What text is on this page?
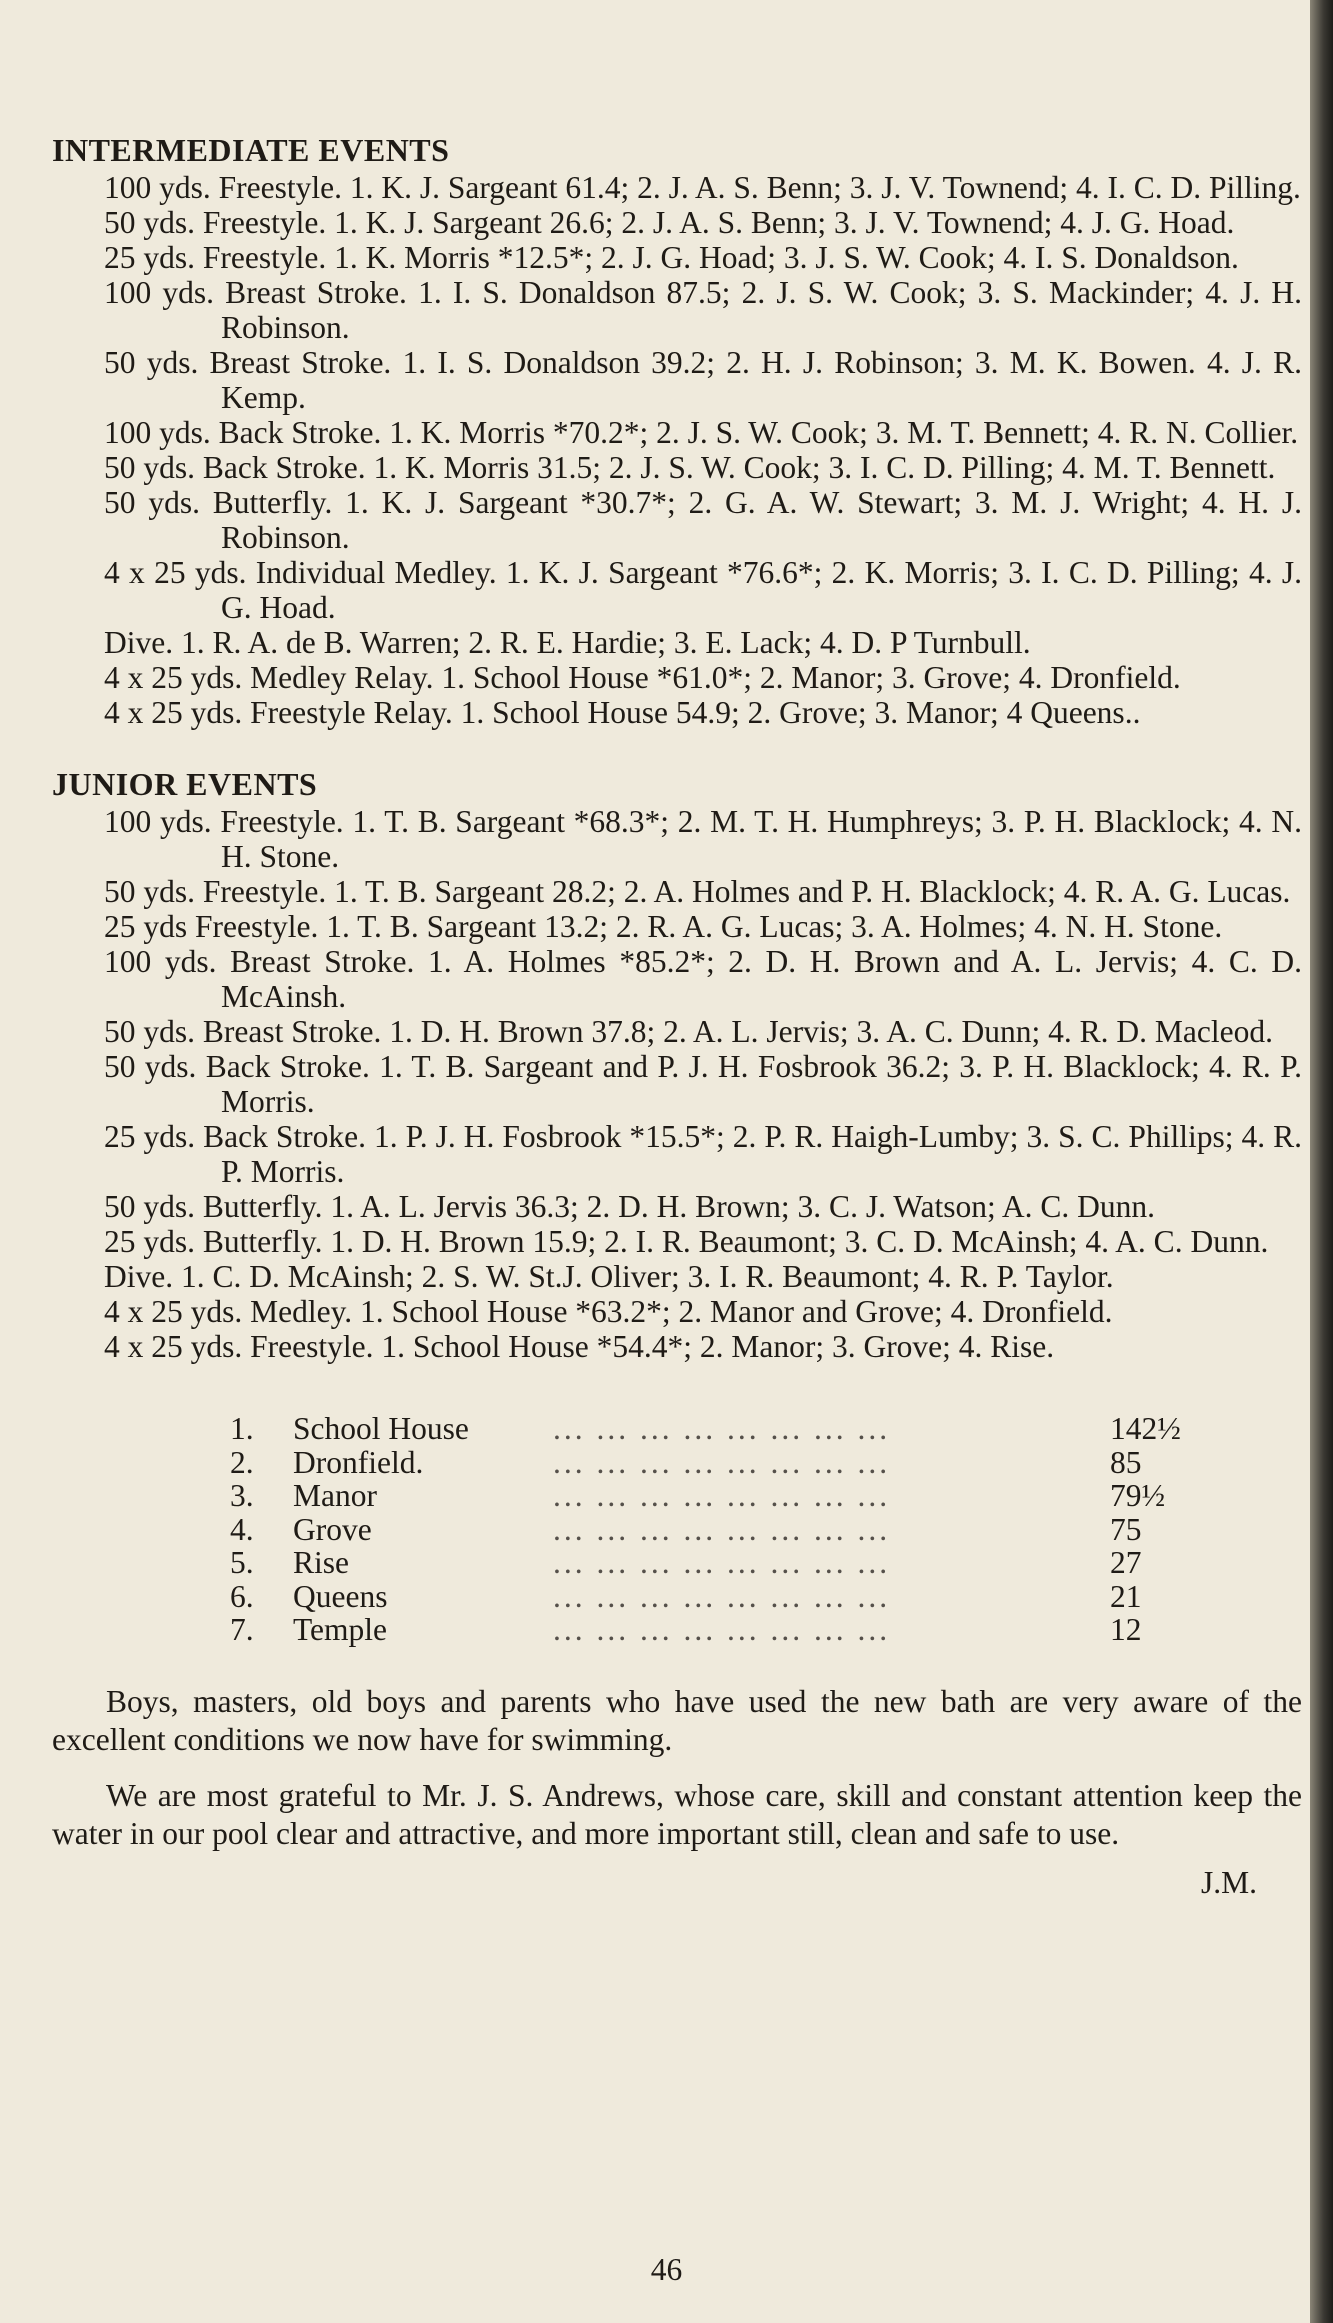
INTERMEDIATE EVENTS
100 yds. Freestyle. 1. K. J. Sargeant 61.4; 2. J. A. S. Benn; 3. J. V. Townend; 4. I. C. D. Pilling.
50 yds. Freestyle. 1. K. J. Sargeant 26.6; 2. J. A. S. Benn; 3. J. V. Townend; 4. J. G. Hoad.
25 yds. Freestyle. 1. K. Morris *12.5*; 2. J. G. Hoad; 3. J. S. W. Cook; 4. I. S. Donaldson.
100 yds. Breast Stroke. 1. I. S. Donaldson 87.5; 2. J. S. W. Cook; 3. S. Mackinder; 4. J. H. Robinson.
50 yds. Breast Stroke. 1. I. S. Donaldson 39.2; 2. H. J. Robinson; 3. M. K. Bowen. 4. J. R. Kemp.
100 yds. Back Stroke. 1. K. Morris *70.2*; 2. J. S. W. Cook; 3. M. T. Bennett; 4. R. N. Collier.
50 yds. Back Stroke. 1. K. Morris 31.5; 2. J. S. W. Cook; 3. I. C. D. Pilling; 4. M. T. Bennett.
50 yds. Butterfly. 1. K. J. Sargeant *30.7*; 2. G. A. W. Stewart; 3. M. J. Wright; 4. H. J. Robinson.
4 x 25 yds. Individual Medley. 1. K. J. Sargeant *76.6*; 2. K. Morris; 3. I. C. D. Pilling; 4. J. G. Hoad.
Dive. 1. R. A. de B. Warren; 2. R. E. Hardie; 3. E. Lack; 4. D. P Turnbull.
4 x 25 yds. Medley Relay. 1. School House *61.0*; 2. Manor; 3. Grove; 4. Dronfield.
4 x 25 yds. Freestyle Relay. 1. School House 54.9; 2. Grove; 3. Manor; 4 Queens..
JUNIOR EVENTS
100 yds. Freestyle. 1. T. B. Sargeant *68.3*; 2. M. T. H. Humphreys; 3. P. H. Blacklock; 4. N. H. Stone.
50 yds. Freestyle. 1. T. B. Sargeant 28.2; 2. A. Holmes and P. H. Blacklock; 4. R. A. G. Lucas.
25 yds Freestyle. 1. T. B. Sargeant 13.2; 2. R. A. G. Lucas; 3. A. Holmes; 4. N. H. Stone.
100 yds. Breast Stroke. 1. A. Holmes *85.2*; 2. D. H. Brown and A. L. Jervis; 4. C. D. McAinsh.
50 yds. Breast Stroke. 1. D. H. Brown 37.8; 2. A. L. Jervis; 3. A. C. Dunn; 4. R. D. Macleod.
50 yds. Back Stroke. 1. T. B. Sargeant and P. J. H. Fosbrook 36.2; 3. P. H. Blacklock; 4. R. P. Morris.
25 yds. Back Stroke. 1. P. J. H. Fosbrook *15.5*; 2. P. R. Haigh-Lumby; 3. S. C. Phillips; 4. R. P. Morris.
50 yds. Butterfly. 1. A. L. Jervis 36.3; 2. D. H. Brown; 3. C. J. Watson; A. C. Dunn.
25 yds. Butterfly. 1. D. H. Brown 15.9; 2. I. R. Beaumont; 3. C. D. McAinsh; 4. A. C. Dunn.
Dive. 1. C. D. McAinsh; 2. S. W. St.J. Oliver; 3. I. R. Beaumont; 4. R. P. Taylor.
4 x 25 yds. Medley. 1. School House *63.2*; 2. Manor and Grove; 4. Dronfield.
4 x 25 yds. Freestyle. 1. School House *54.4*; 2. Manor; 3. Grove; 4. Rise.
1.	School House	... ... ... ... ... ... ... ...	142½
2.	Dronfield.	... ... ... ... ... ... ... ...	85
3.	Manor	... ... ... ... ... ... ... ...	79½
4.	Grove	... ... ... ... ... ... ... ...	75
5.	Rise	... ... ... ... ... ... ... ...	27
6.	Queens	... ... ... ... ... ... ... ...	21
7.	Temple	... ... ... ... ... ... ... ...	12

Boys, masters, old boys and parents who have used the new bath are very aware of the excellent conditions we now have for swimming.

We are most grateful to Mr. J. S. Andrews, whose care, skill and constant attention keep the water in our pool clear and attractive, and more important still, clean and safe to use.

J.M.
46
